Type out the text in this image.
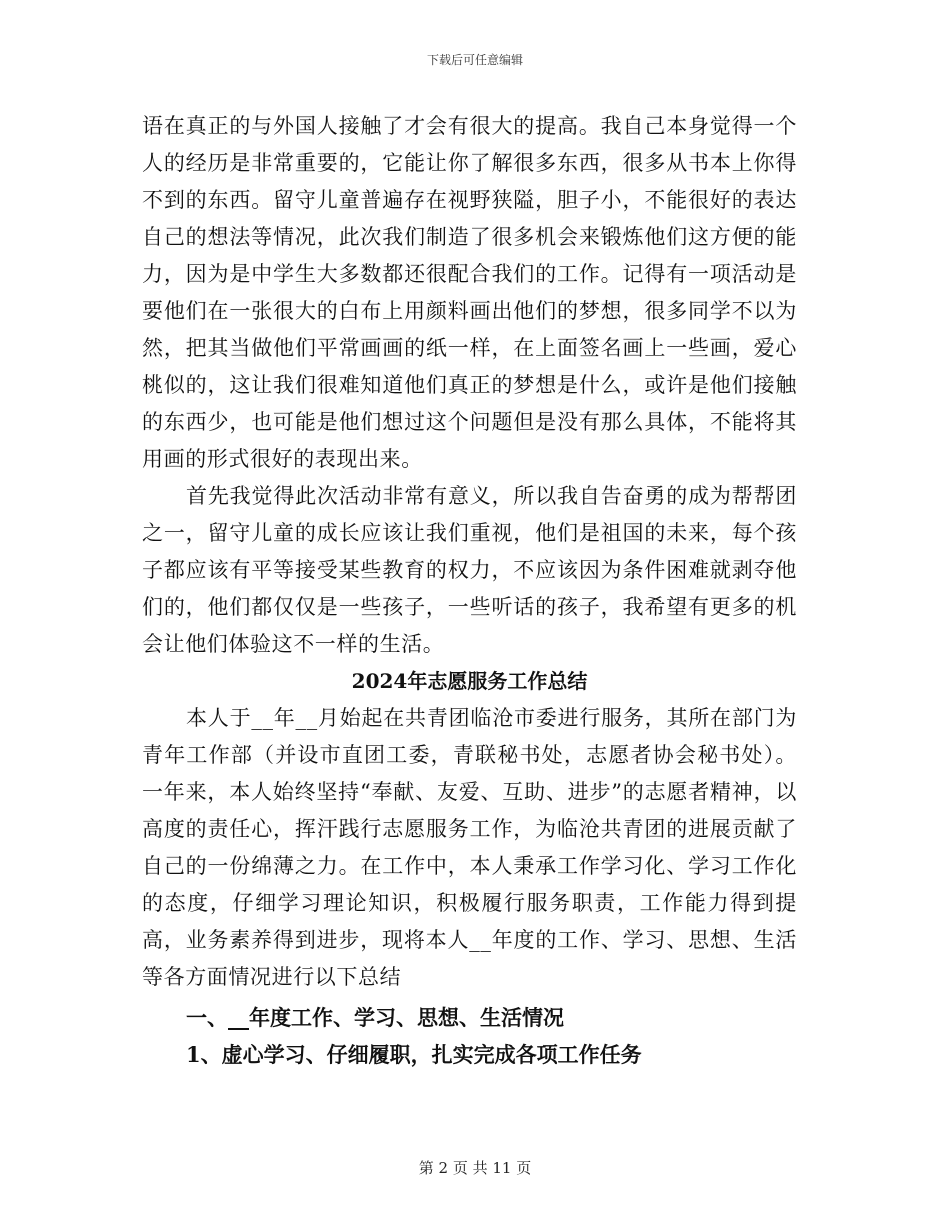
下载后可任意编辑

语在真正的与外国人接触了才会有很大的提高。我自己本身觉得一个人的经历是非常重要的，它能让你了解很多东西，很多从书本上你得不到的东西。留守儿童普遍存在视野狭隘，胆子小，不能很好的表达自己的想法等情况，此次我们制造了很多机会来锻炼他们这方便的能力，因为是中学生大多数都还很配合我们的工作。记得有一项活动是要他们在一张很大的白布上用颜料画出他们的梦想，很多同学不以为然，把其当做他们平常画画的纸一样，在上面签名画上一些画，爱心桃似的，这让我们很难知道他们真正的梦想是什么，或许是他们接触的东西少，也可能是他们想过这个问题但是没有那么具体，不能将其用画的形式很好的表现出来。

首先我觉得此次活动非常有意义，所以我自告奋勇的成为帮帮团之一，留守儿童的成长应该让我们重视，他们是祖国的未来，每个孩子都应该有平等接受某些教育的权力，不应该因为条件困难就剥夺他们的，他们都仅仅是一些孩子，一些听话的孩子，我希望有更多的机会让他们体验这不一样的生活。

2024年志愿服务工作总结

本人于__年__月始起在共青团临沧市委进行服务，其所在部门为青年工作部（并设市直团工委，青联秘书处，志愿者协会秘书处）。一年来，本人始终坚持“奉献、友爱、互助、进步”的志愿者精神，以高度的责任心，挥汗践行志愿服务工作，为临沧共青团的进展贡献了自己的一份绵薄之力。在工作中，本人秉承工作学习化、学习工作化的态度，仔细学习理论知识，积极履行服务职责，工作能力得到提高，业务素养得到进步，现将本人__年度的工作、学习、思想、生活等各方面情况进行以下总结

一、__年度工作、学习、思想、生活情况

1、虚心学习、仔细履职，扎实完成各项工作任务

第 2 页 共 11 页
